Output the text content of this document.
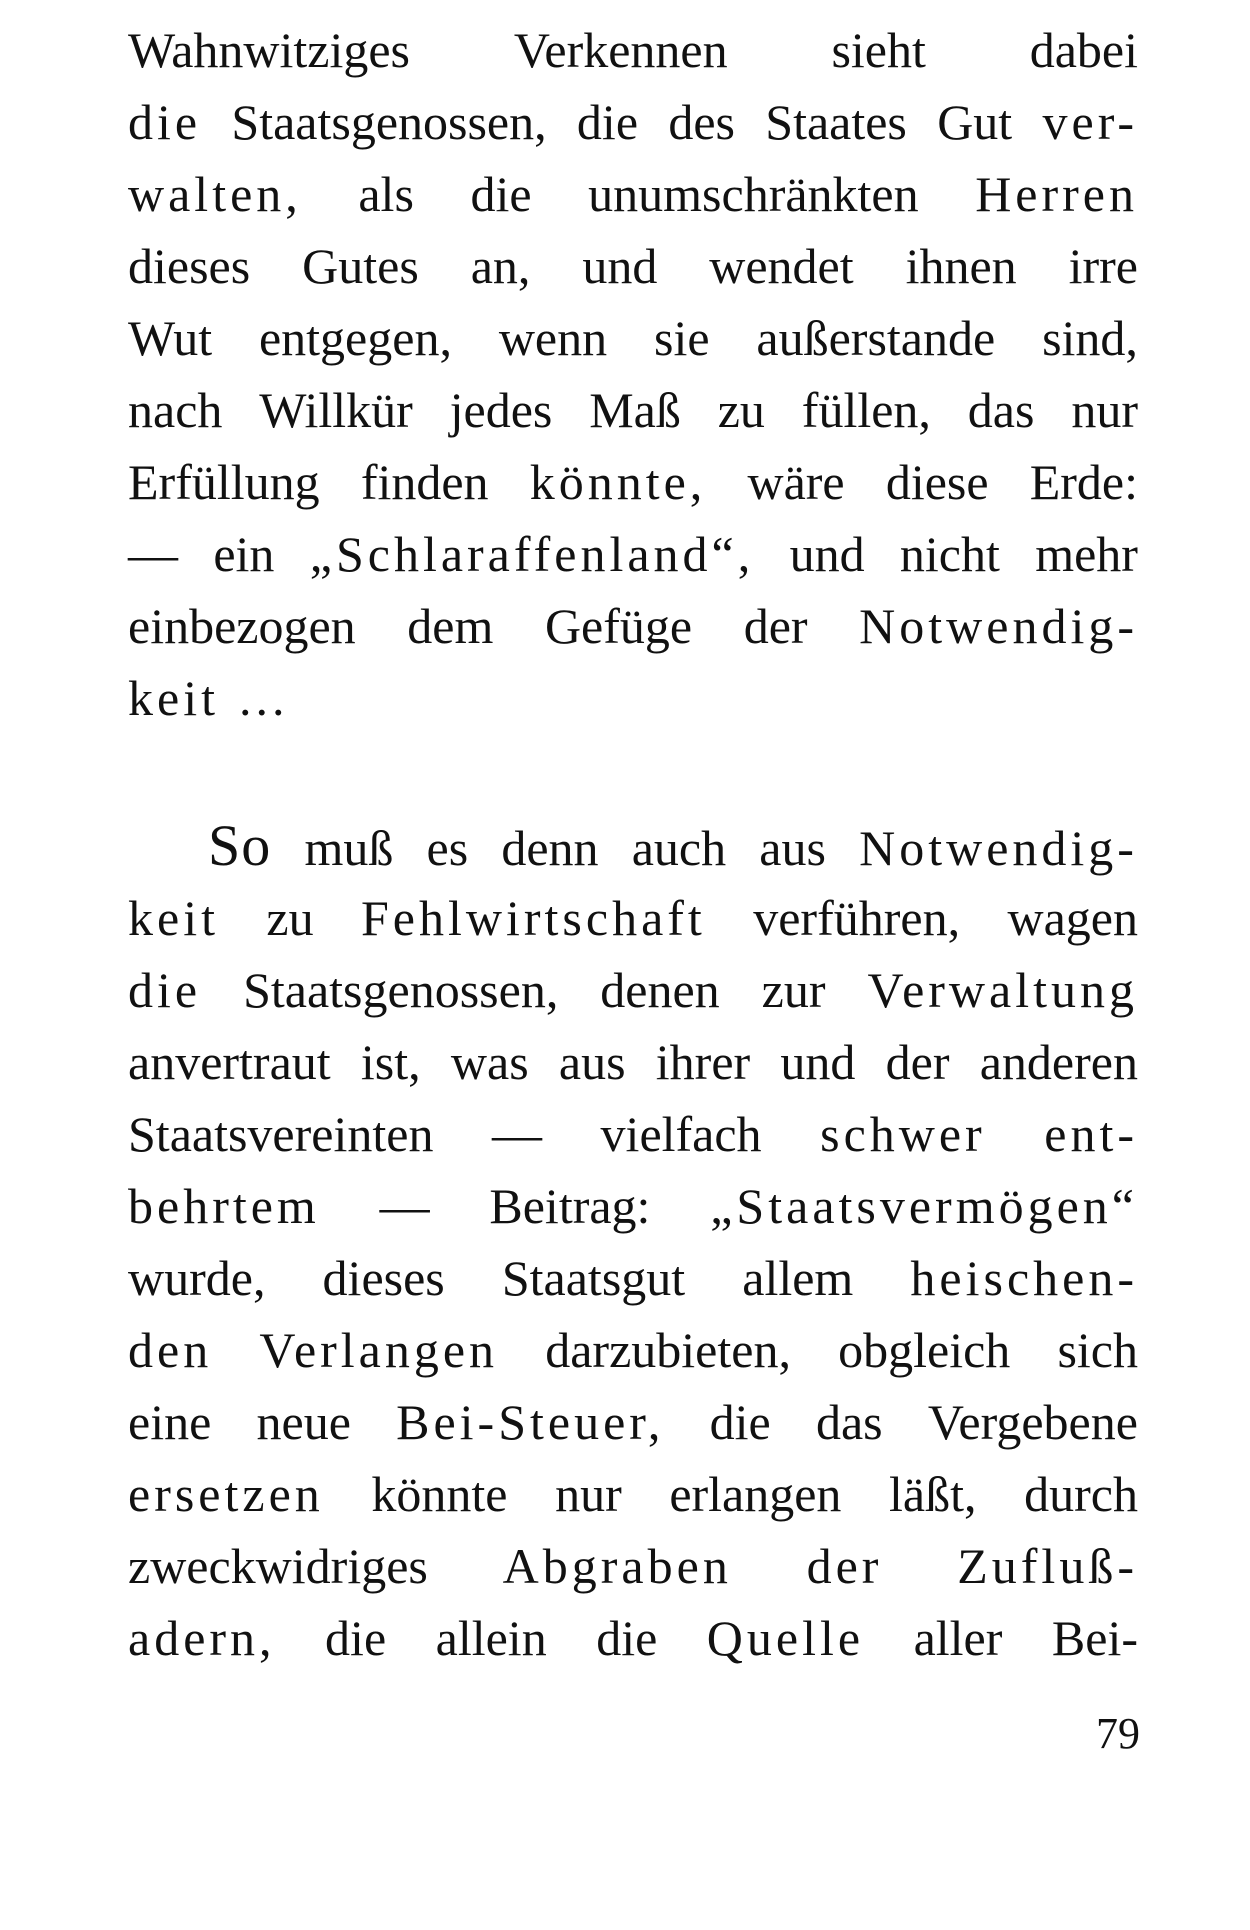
Wahnwitziges Verkennen sieht dabei
die Staatsgenossen, die des Staates Gut ver-
walten, als die unumschränkten Herren
dieses Gutes an, und wendet ihnen irre
Wut entgegen, wenn sie außerstande sind,
nach Willkür jedes Maß zu füllen, das nur
Erfüllung finden könnte, wäre diese Erde:
— ein „Schlaraffenland“, und nicht mehr
einbezogen dem Gefüge der Notwendig-
keit ...
So muß es denn auch aus Notwendig-
keit zu Fehlwirtschaft verführen, wagen
die Staatsgenossen, denen zur Verwaltung
anvertraut ist, was aus ihrer und der anderen
Staatsvereinten — vielfach schwer ent-
behrtem — Beitrag: „Staatsvermögen“
wurde, dieses Staatsgut allem heischen-
den Verlangen darzubieten, obgleich sich
eine neue Bei-Steuer, die das Vergebene
ersetzen könnte nur erlangen läßt, durch
zweckwidriges Abgraben der Zufluß-
adern, die allein die Quelle aller Bei-
79
